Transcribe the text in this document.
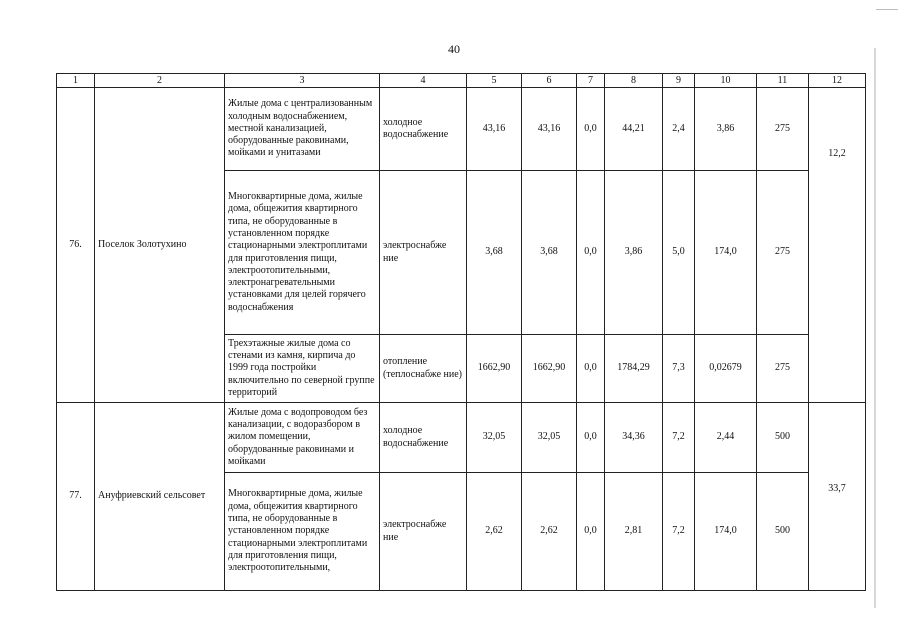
40
1	2	3	4	5	6	7	8	9	10	11	12
76.	Поселок Золотухино	Жилые дома с централизованным холодным водоснабжением, местной канализацией, оборудованные раковинами, мойками и унитазами	холодное водоснабжение	43,16	43,16	0,0	44,21	2,4	3,86	275	12,2
		Многоквартирные дома, жилые дома, общежития квартирного типа, не оборудованные в установленном порядке стационарными электроплитами для приготовления пищи, электроотопительными, электронагревательными установками для целей горячего водоснабжения	электроснабже ние	3,68	3,68	0,0	3,86	5,0	174,0	275	
		Трехэтажные жилые дома со стенами из камня, кирпича до 1999 года постройки включительно по северной группе территорий	отопление (теплоснабже ние)	1662,90	1662,90	0,0	1784,29	7,3	0,02679	275	
77.	Ануфриевский сельсовет	Жилые дома с водопроводом без канализации, с водоразбором в жилом помещении, оборудованные раковинами и мойками	холодное водоснабжение	32,05	32,05	0,0	34,36	7,2	2,44	500	33,7
		Многоквартирные дома, жилые дома, общежития квартирного типа, не оборудованные в установленном порядке стационарными электроплитами для приготовления пищи, электроотопительными,	электроснабже ние	2,62	2,62	0,0	2,81	7,2	174,0	500	
